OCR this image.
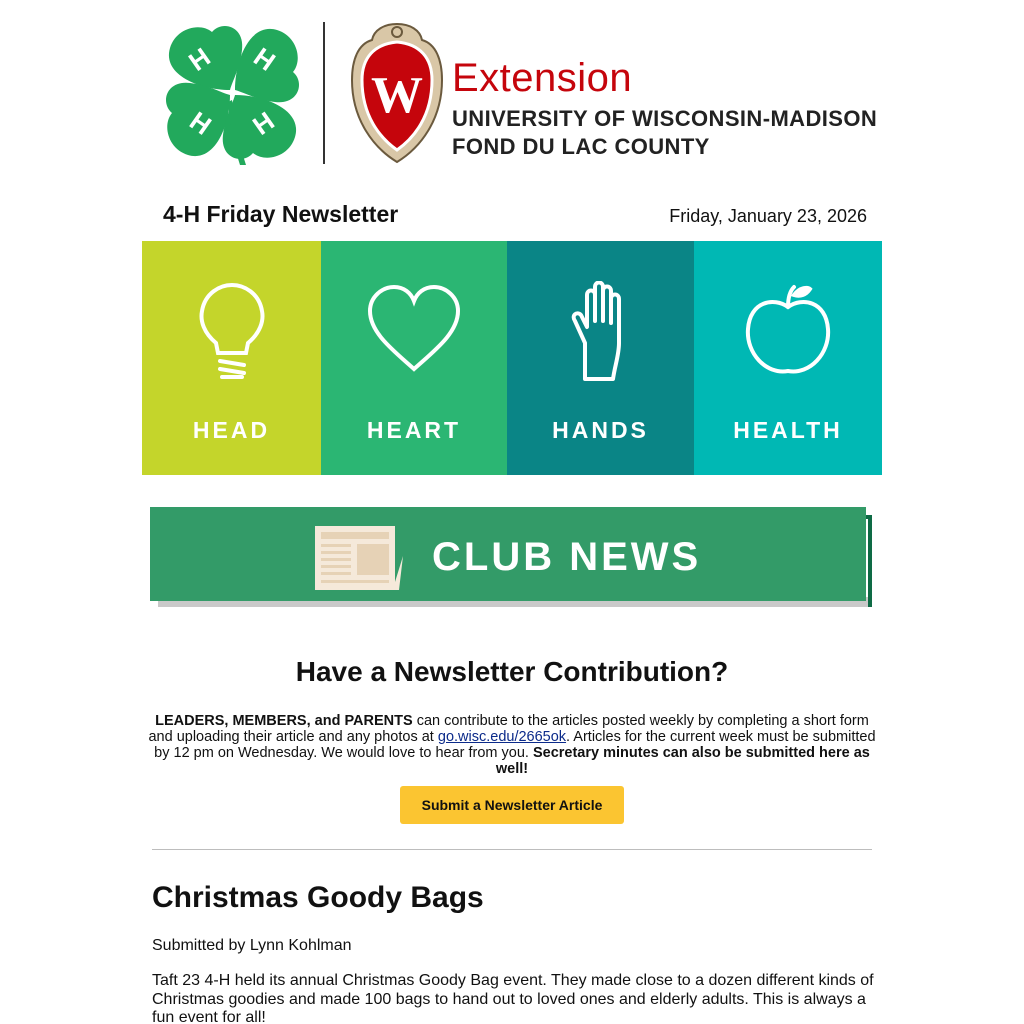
H H
H H W Extension
UNIVERSITY OF WISCONSIN-MADISON
FOND DU LAC COUNTY
4-H Friday Newsletter	Friday, January 23, 2026
HEAD	HEART	HANDS	HEALTH
CLUB NEWS
Have a Newsletter Contribution?
LEADERS, MEMBERS, and PARENTS can contribute to the articles posted weekly by completing a short form and uploading their article and any photos at go.wisc.edu/2665ok. Articles for the current week must be submitted by 12 pm on Wednesday. We would love to hear from you. Secretary minutes can also be submitted here as well!
Submit a Newsletter Article
Christmas Goody Bags
Submitted by Lynn Kohlman
Taft 23 4-H held its annual Christmas Goody Bag event. They made close to a dozen different kinds of Christmas goodies and made 100 bags to hand out to loved ones and elderly adults. This is always a fun event for all!
